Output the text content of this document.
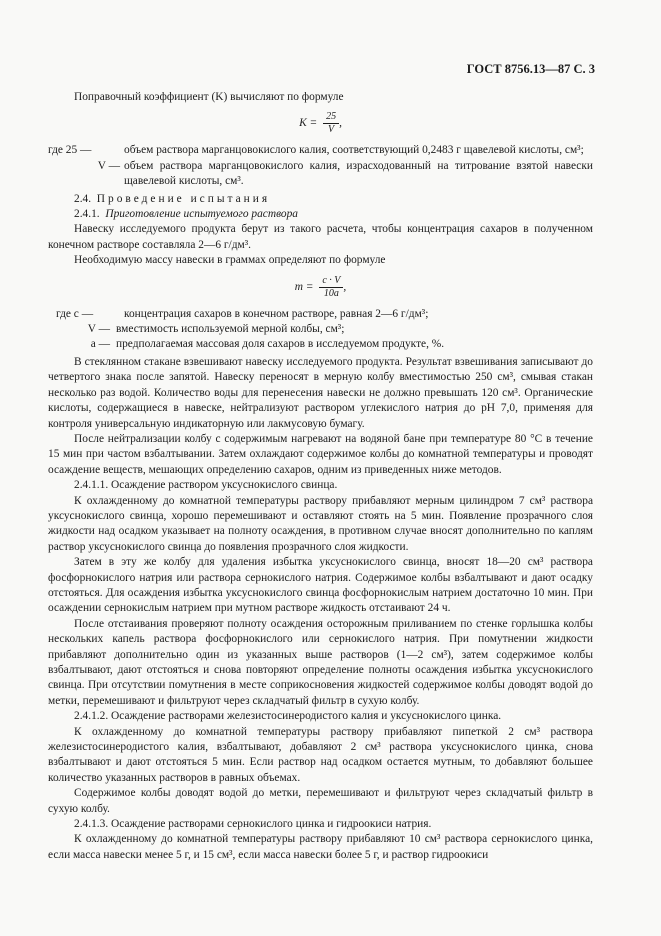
ГОСТ 8756.13—87 С. 3

Поправочный коэффициент (K) вычисляют по формуле

$K = \frac{25}{V}$ ,
где 25 —	объем раствора марганцовокислого калия, соответствующий 0,2483 г щавелевой кислоты, см³;
V — объем раствора марганцовокислого калия, израсходованный на титрование взятой навески щавелевой кислоты, см³.

2.4. Проведение испытания

2.4.1. Приготовление испытуемого раствора

Навеску исследуемого продукта берут из такого расчета, чтобы концентрация сахаров в полученном конечном растворе составляла 2—6 г/дм³.

Необходимую массу навески в граммах определяют по формуле

$m = \frac{c \cdot V}{10a}$ ,
где c —	концентрация сахаров в конечном растворе, равная 2—6 г/дм³;
V — вместимость используемой мерной колбы, см³;
a — предполагаемая массовая доля сахаров в исследуемом продукте, %.

В стеклянном стакане взвешивают навеску исследуемого продукта. Результат взвешивания записывают до четвертого знака после запятой. Навеску переносят в мерную колбу вместимостью 250 см³, смывая стакан несколько раз водой. Количество воды для перенесения навески не должно превышать 120 см³. Органические кислоты, содержащиеся в навеске, нейтрализуют раствором углекислого натрия до pH 7,0, применяя для контроля универсальную индикаторную или лакмусовую бумагу.

После нейтрализации колбу с содержимым нагревают на водяной бане при температуре 80 °С в течение 15 мин при частом взбалтывании. Затем охлаждают содержимое колбы до комнатной температуры и проводят осаждение веществ, мешающих определению сахаров, одним из приведенных ниже методов.

2.4.1.1. Осаждение раствором уксуснокислого свинца.

К охлажденному до комнатной температуры раствору прибавляют мерным цилиндром 7 см³ раствора уксуснокислого свинца, хорошо перемешивают и оставляют стоять на 5 мин. Появление прозрачного слоя жидкости над осадком указывает на полноту осаждения, в противном случае вносят дополнительно по каплям раствор уксуснокислого свинца до появления прозрачного слоя жидкости.

Затем в эту же колбу для удаления избытка уксуснокислого свинца, вносят 18—20 см³ раствора фосфорнокислого натрия или раствора сернокислого натрия. Содержимое колбы взбалтывают и дают осадку отстояться. Для осаждения избытка уксуснокислого свинца фосфорнокислым натрием достаточно 10 мин. При осаждении сернокислым натрием при мутном растворе жидкость отстаивают 24 ч.

После отстаивания проверяют полноту осаждения осторожным приливанием по стенке горлышка колбы нескольких капель раствора фосфорнокислого или сернокислого натрия. При помутнении жидкости прибавляют дополнительно один из указанных выше растворов (1—2 см³), затем содержимое колбы взбалтывают, дают отстояться и снова повторяют определение полноты осаждения избытка уксуснокислого свинца. При отсутствии помутнения в месте соприкосновения жидкостей содержимое колбы доводят водой до метки, перемешивают и фильтруют через складчатый фильтр в сухую колбу.

2.4.1.2. Осаждение растворами железистосинеродистого калия и уксуснокислого цинка.

К охлажденному до комнатной температуры раствору прибавляют пипеткой 2 см³ раствора железистосинеродистого калия, взбалтывают, добавляют 2 см³ раствора уксуснокислого цинка, снова взбалтывают и дают отстояться 5 мин. Если раствор над осадком остается мутным, то добавляют большее количество указанных растворов в равных объемах.

Содержимое колбы доводят водой до метки, перемешивают и фильтруют через складчатый фильтр в сухую колбу.

2.4.1.3. Осаждение растворами сернокислого цинка и гидроокиси натрия.

К охлажденному до комнатной температуры раствору прибавляют 10 см³ раствора сернокислого цинка, если масса навески менее 5 г, и 15 см³, если масса навески более 5 г, и раствор гидроокиси
